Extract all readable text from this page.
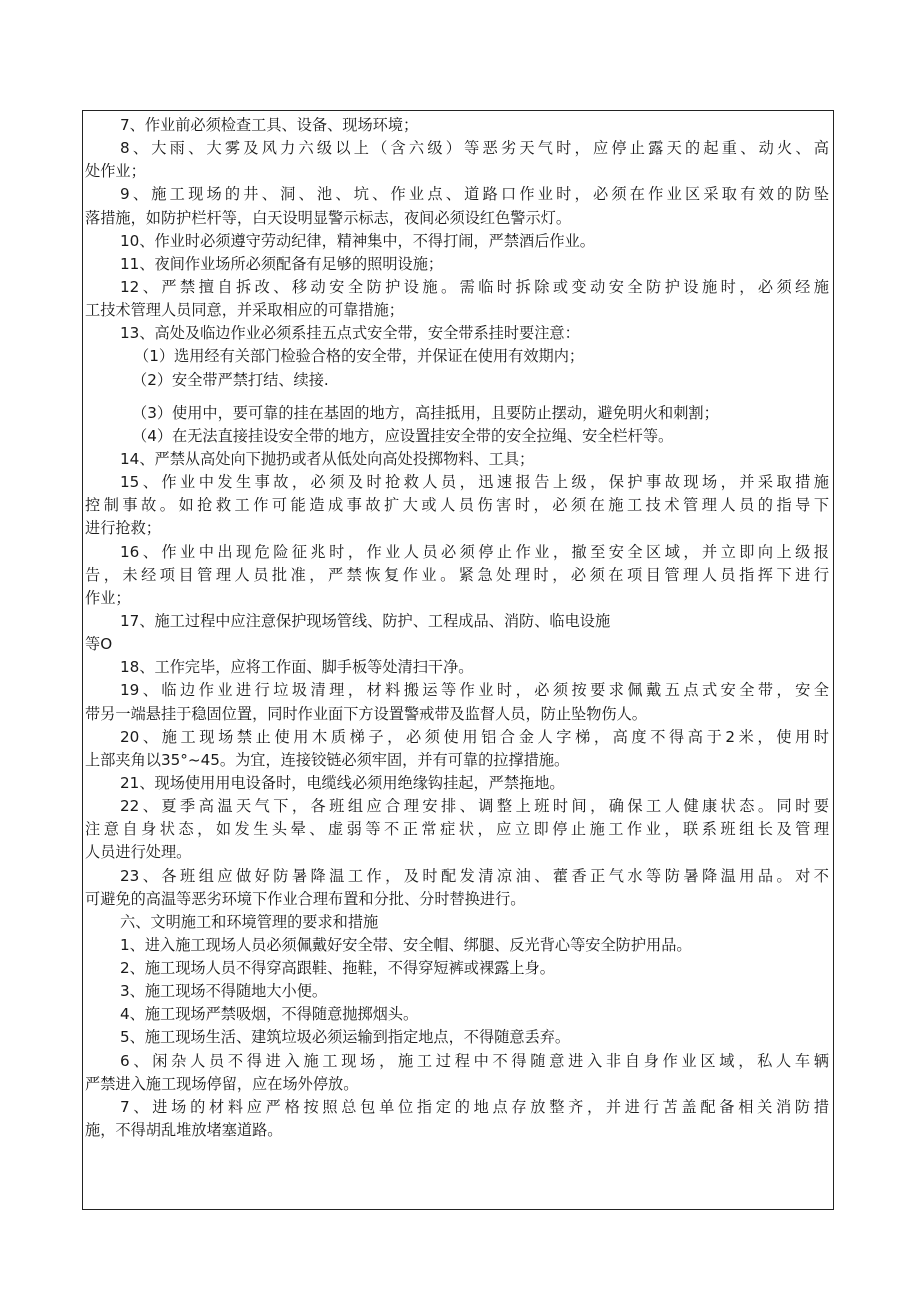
7、作业前必须检查工具、设备、现场环境；
8、大雨、大雾及风力六级以上（含六级）等恶劣天气时，应停止露天的起重、动火、高
处作业；
9、施工现场的井、洞、池、坑、作业点、道路口作业时，必须在作业区采取有效的防坠
落措施，如防护栏杆等，白天设明显警示标志，夜间必须设红色警示灯。
10、作业时必须遵守劳动纪律，精神集中，不得打闹，严禁酒后作业。
11、夜间作业场所必须配备有足够的照明设施；
12、严禁擅自拆改、移动安全防护设施。需临时拆除或变动安全防护设施时，必须经施
工技术管理人员同意，并采取相应的可靠措施；
13、高处及临边作业必须系挂五点式安全带，安全带系挂时要注意：
（1）选用经有关部门检验合格的安全带，并保证在使用有效期内；
（2）安全带严禁打结、续接.
（3）使用中，要可靠的挂在基固的地方，高挂抵用，且要防止摆动，避免明火和刺割；
（4）在无法直接挂设安全带的地方，应设置挂安全带的安全拉绳、安全栏杆等。
14、严禁从高处向下抛扔或者从低处向高处投掷物料、工具；
15、作业中发生事故，必须及时抢救人员，迅速报告上级，保护事故现场，并采取措施
控制事故。如抢救工作可能造成事故扩大或人员伤害时，必须在施工技术管理人员的指导下
进行抢救；
16、作业中出现危险征兆时，作业人员必须停止作业，撤至安全区域，并立即向上级报
告，未经项目管理人员批准，严禁恢复作业。紧急处理时，必须在项目管理人员指挥下进行
作业；
17、施工过程中应注意保护现场管线、防护、工程成品、消防、临电设施
等O
18、工作完毕，应将工作面、脚手板等处清扫干净。
19、临边作业进行垃圾清理，材料搬运等作业时，必须按要求佩戴五点式安全带，安全
带另一端悬挂于稳固位置，同时作业面下方设置警戒带及监督人员，防止坠物伤人。
20、施工现场禁止使用木质梯子，必须使用铝合金人字梯，高度不得高于2米，使用时
上部夹角以35°~45。为宜，连接铰链必须牢固，并有可靠的拉撑措施。
21、现场使用用电设备时，电缆线必须用绝缘钩挂起，严禁拖地。
22、夏季高温天气下，各班组应合理安排、调整上班时间，确保工人健康状态。同时要
注意自身状态，如发生头晕、虚弱等不正常症状，应立即停止施工作业，联系班组长及管理
人员进行处理。
23、各班组应做好防暑降温工作，及时配发清凉油、藿香正气水等防暑降温用品。对不
可避免的高温等恶劣环境下作业合理布置和分批、分时替换进行。
六、文明施工和环境管理的要求和措施
1、进入施工现场人员必须佩戴好安全帯、安全帽、绑腿、反光背心等安全防护用品。
2、施工现场人员不得穿高跟鞋、拖鞋，不得穿短裤或裸露上身。
3、施工现场不得随地大小便。
4、施工现场严禁吸烟，不得随意抛掷烟头。
5、施工现场生活、建筑垃圾必须运输到指定地点，不得随意丢弃。
6、闲杂人员不得进入施工现场，施工过程中不得随意进入非自身作业区域，私人车辆
严禁进入施工现场停留，应在场外停放。
7、进场的材料应严格按照总包单位指定的地点存放整齐，并进行苫盖配备相关消防措
施，不得胡乱堆放堵塞道路。
